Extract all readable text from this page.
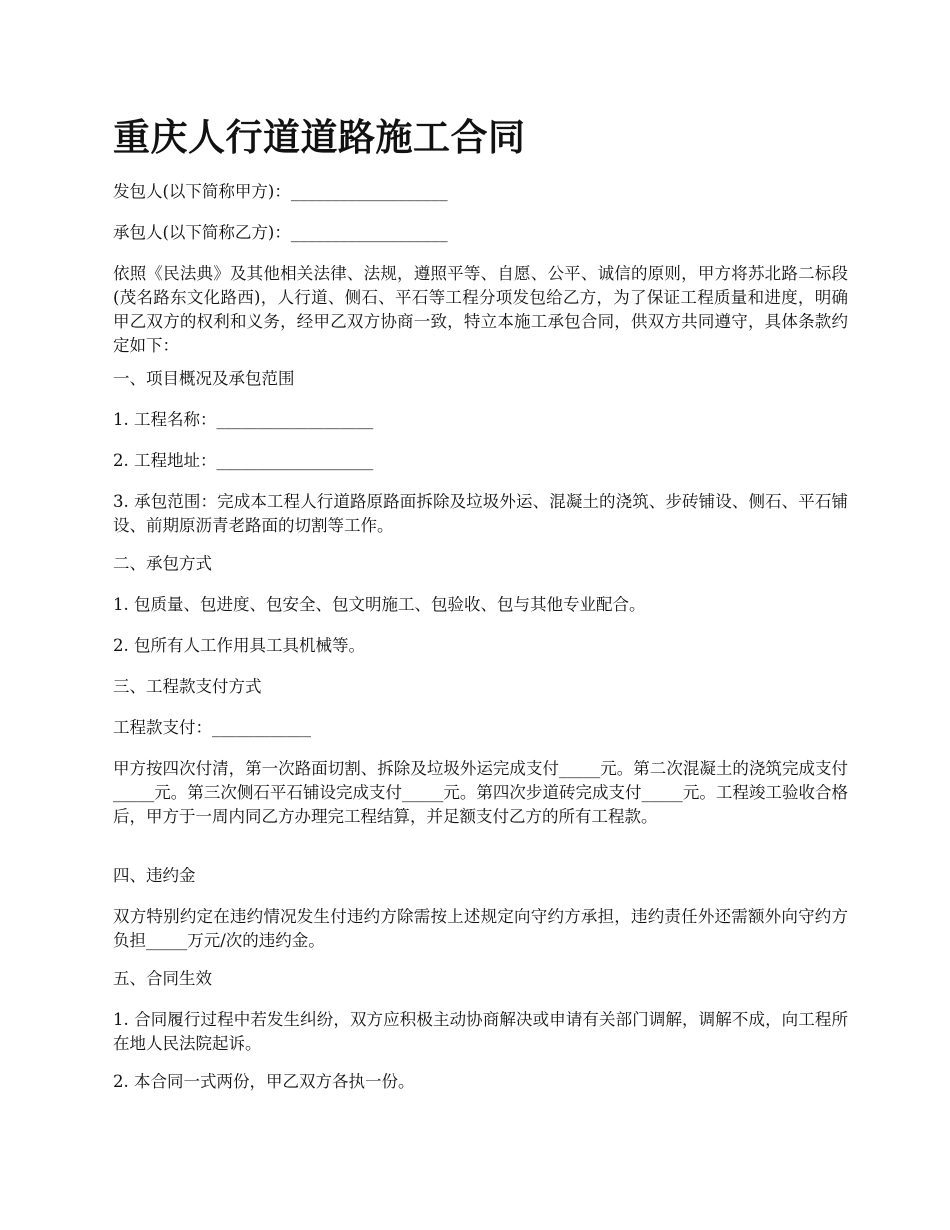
重庆人行道道路施工合同

发包人(以下简称甲方)：___________________

承包人(以下简称乙方)：___________________

依照《民法典》及其他相关法律、法规，遵照平等、自愿、公平、诚信的原则，甲方将苏北路二标段(茂名路东文化路西)，人行道、侧石、平石等工程分项发包给乙方，为了保证工程质量和进度，明确甲乙双方的权利和义务，经甲乙双方协商一致，特立本施工承包合同，供双方共同遵守，具体条款约定如下：

一、项目概况及承包范围

1. 工程名称：___________________

2. 工程地址：___________________

3. 承包范围：完成本工程人行道路原路面拆除及垃圾外运、混凝土的浇筑、步砖铺设、侧石、平石铺设、前期原沥青老路面的切割等工作。

二、承包方式

1. 包质量、包进度、包安全、包文明施工、包验收、包与其他专业配合。

2. 包所有人工作用具工具机械等。

三、工程款支付方式

工程款支付：____________

甲方按四次付清，第一次路面切割、拆除及垃圾外运完成支付_____元。第二次混凝土的浇筑完成支付_____元。第三次侧石平石铺设完成支付_____元。第四次步道砖完成支付_____元。工程竣工验收合格后，甲方于一周内同乙方办理完工程结算，并足额支付乙方的所有工程款。

四、违约金

双方特别约定在违约情况发生付违约方除需按上述规定向守约方承担，违约责任外还需额外向守约方负担_____万元/次的违约金。

五、合同生效

1. 合同履行过程中若发生纠纷，双方应积极主动协商解决或申请有关部门调解，调解不成，向工程所在地人民法院起诉。

2. 本合同一式两份，甲乙双方各执一份。
